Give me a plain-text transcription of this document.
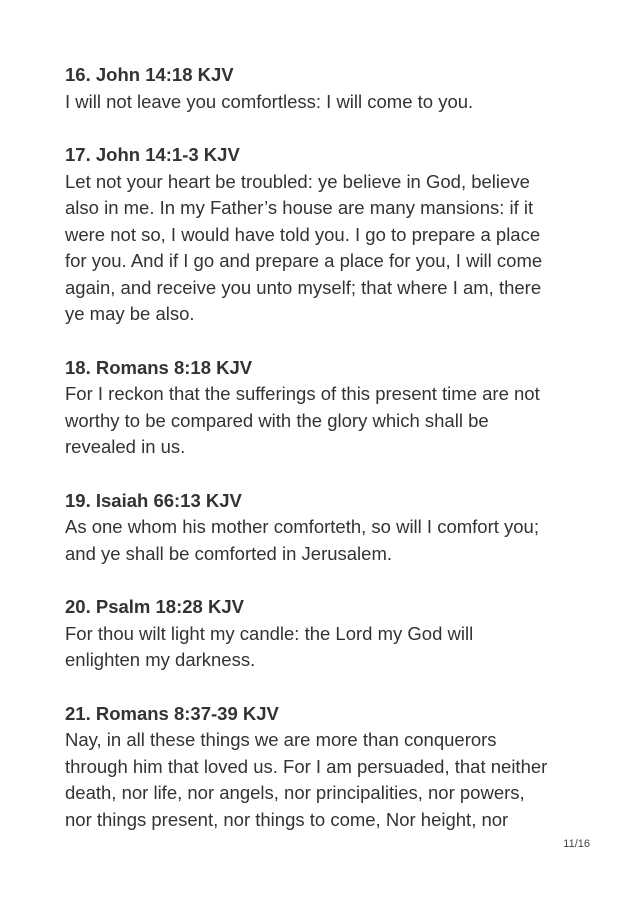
16. John 14:18 KJV
I will not leave you comfortless: I will come to you.
17. John 14:1-3 KJV
Let not your heart be troubled: ye believe in God, believe
also in me. In my Father’s house are many mansions: if it
were not so, I would have told you. I go to prepare a place
for you. And if I go and prepare a place for you, I will come
again, and receive you unto myself; that where I am, there
ye may be also.
18. Romans 8:18 KJV
For I reckon that the sufferings of this present time are not
worthy to be compared with the glory which shall be
revealed in us.
19. Isaiah 66:13 KJV
As one whom his mother comforteth, so will I comfort you;
and ye shall be comforted in Jerusalem.
20. Psalm 18:28 KJV
For thou wilt light my candle: the Lord my God will
enlighten my darkness.
21. Romans 8:37-39 KJV
Nay, in all these things we are more than conquerors
through him that loved us. For I am persuaded, that neither
death, nor life, nor angels, nor principalities, nor powers,
nor things present, nor things to come, Nor height, nor
11/16
